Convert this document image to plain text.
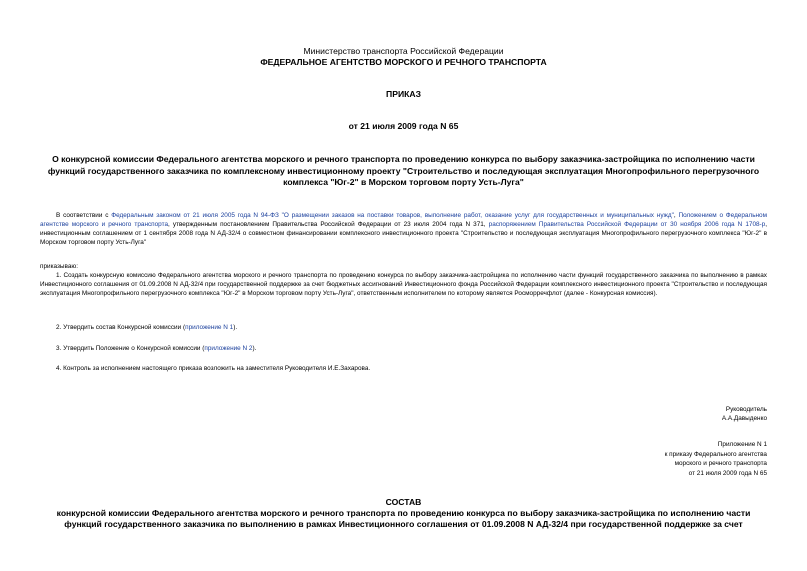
Министерство транспорта Российской Федерации
ФЕДЕРАЛЬНОЕ АГЕНТСТВО МОРСКОГО И РЕЧНОГО ТРАНСПОРТА
ПРИКАЗ
от 21 июля 2009 года N 65
О конкурсной комиссии Федерального агентства морского и речного транспорта по проведению конкурса по выбору заказчика-застройщика по исполнению части функций государственного заказчика по комплексному инвестиционному проекту "Строительство и последующая эксплуатация Многопрофильного перегрузочного комплекса "Юг-2" в Морском торговом порту Усть-Луга"
В соответствии с Федеральным законом от 21 июля 2005 года N 94-ФЗ "О размещении заказов на поставки товаров, выполнение работ, оказание услуг для государственных и муниципальных нужд", Положением о Федеральном агентстве морского и речного транспорта, утвержденным постановлением Правительства Российской Федерации от 23 июля 2004 года N 371, распоряжением Правительства Российской Федерации от 30 ноября 2006 года N 1708-р, инвестиционным соглашением от 1 сентября 2008 года N АД-32/4 о совместном финансировании комплексного инвестиционного проекта "Строительство и последующая эксплуатация Многопрофильного перегрузочного комплекса "Юг-2" в Морском торговом порту Усть-Луга"
приказываю:
1. Создать конкурсную комиссию Федерального агентства морского и речного транспорта по проведению конкурса по выбору заказчика-застройщика по исполнению части функций государственного заказчика по выполнению в рамках Инвестиционного соглашения от 01.09.2008 N АД-32/4 при государственной поддержке за счет бюджетных ассигнований Инвестиционного фонда Российской Федерации комплексного инвестиционного проекта "Строительство и последующая эксплуатация Многопрофильного перегрузочного комплекса "Юг-2" в Морском торговом порту Усть-Луга", ответственным исполнителем по которому является Росморречфлот (далее - Конкурсная комиссия).
2. Утвердить состав Конкурсной комиссии (приложение N 1).
3. Утвердить Положение о Конкурсной комиссии (приложение N 2).
4. Контроль за исполнением настоящего приказа возложить на заместителя Руководителя И.Е.Захарова.
Руководитель
А.А.Давыденко
Приложение N 1
к приказу Федерального агентства
морского и речного транспорта
от 21 июля 2009 года N 65
СОСТАВ
конкурсной комиссии Федерального агентства морского и речного транспорта по проведению конкурса по выбору заказчика-застройщика по исполнению части функций государственного заказчика по выполнению в рамках Инвестиционного соглашения от 01.09.2008 N АД-32/4 при государственной поддержке за счет
